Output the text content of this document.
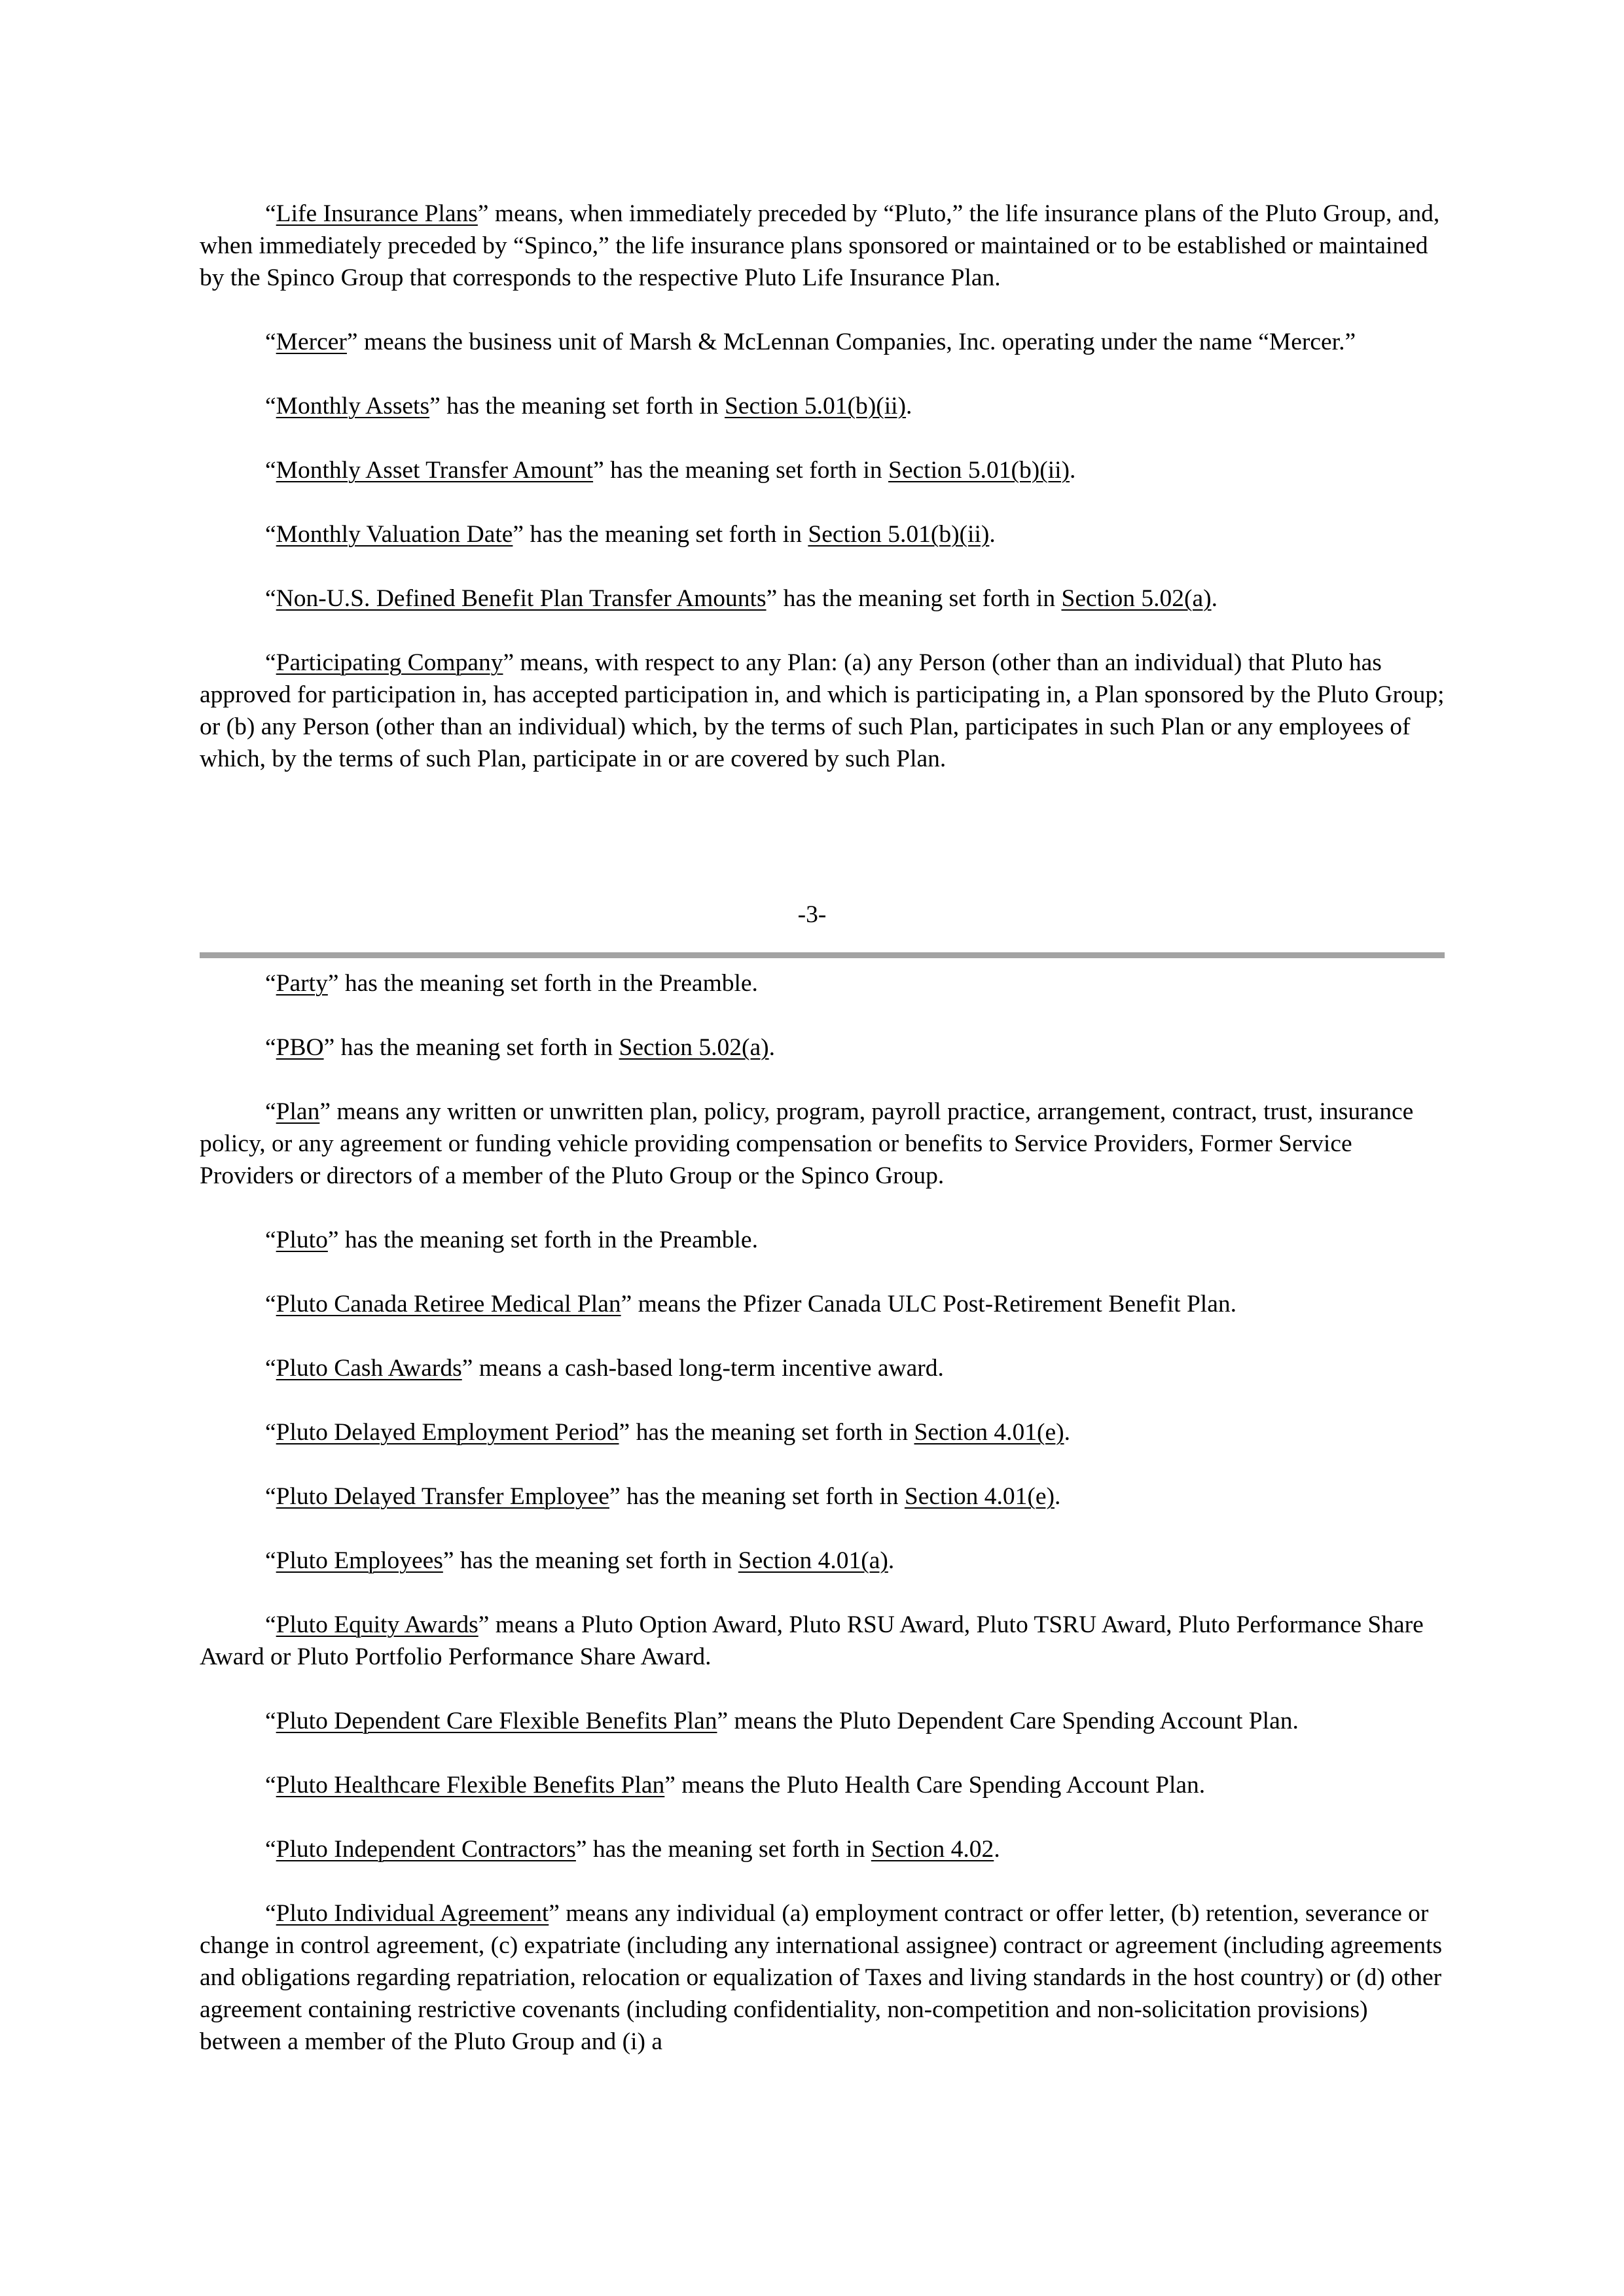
“Life Insurance Plans” means, when immediately preceded by “Pluto,” the life insurance plans of the Pluto Group, and, when immediately preceded by “Spinco,” the life insurance plans sponsored or maintained or to be established or maintained by the Spinco Group that corresponds to the respective Pluto Life Insurance Plan.

“Mercer” means the business unit of Marsh & McLennan Companies, Inc. operating under the name “Mercer.”

“Monthly Assets” has the meaning set forth in Section 5.01(b)(ii).

“Monthly Asset Transfer Amount” has the meaning set forth in Section 5.01(b)(ii).

“Monthly Valuation Date” has the meaning set forth in Section 5.01(b)(ii).

“Non-U.S. Defined Benefit Plan Transfer Amounts” has the meaning set forth in Section 5.02(a).

“Participating Company” means, with respect to any Plan: (a) any Person (other than an individual) that Pluto has approved for participation in, has accepted participation in, and which is participating in, a Plan sponsored by the Pluto Group; or (b) any Person (other than an individual) which, by the terms of such Plan, participates in such Plan or any employees of which, by the terms of such Plan, participate in or are covered by such Plan.

-3-

“Party” has the meaning set forth in the Preamble.

“PBO” has the meaning set forth in Section 5.02(a).

“Plan” means any written or unwritten plan, policy, program, payroll practice, arrangement, contract, trust, insurance policy, or any agreement or funding vehicle providing compensation or benefits to Service Providers, Former Service Providers or directors of a member of the Pluto Group or the Spinco Group.

“Pluto” has the meaning set forth in the Preamble.

“Pluto Canada Retiree Medical Plan” means the Pfizer Canada ULC Post-Retirement Benefit Plan.

“Pluto Cash Awards” means a cash-based long-term incentive award.

“Pluto Delayed Employment Period” has the meaning set forth in Section 4.01(e).

“Pluto Delayed Transfer Employee” has the meaning set forth in Section 4.01(e).

“Pluto Employees” has the meaning set forth in Section 4.01(a).

“Pluto Equity Awards” means a Pluto Option Award, Pluto RSU Award, Pluto TSRU Award, Pluto Performance Share Award or Pluto Portfolio Performance Share Award.

“Pluto Dependent Care Flexible Benefits Plan” means the Pluto Dependent Care Spending Account Plan.

“Pluto Healthcare Flexible Benefits Plan” means the Pluto Health Care Spending Account Plan.

“Pluto Independent Contractors” has the meaning set forth in Section 4.02.

“Pluto Individual Agreement” means any individual (a) employment contract or offer letter, (b) retention, severance or change in control agreement, (c) expatriate (including any international assignee) contract or agreement (including agreements and obligations regarding repatriation, relocation or equalization of Taxes and living standards in the host country) or (d) other agreement containing restrictive covenants (including confidentiality, non-competition and non-solicitation provisions) between a member of the Pluto Group and (i) a
